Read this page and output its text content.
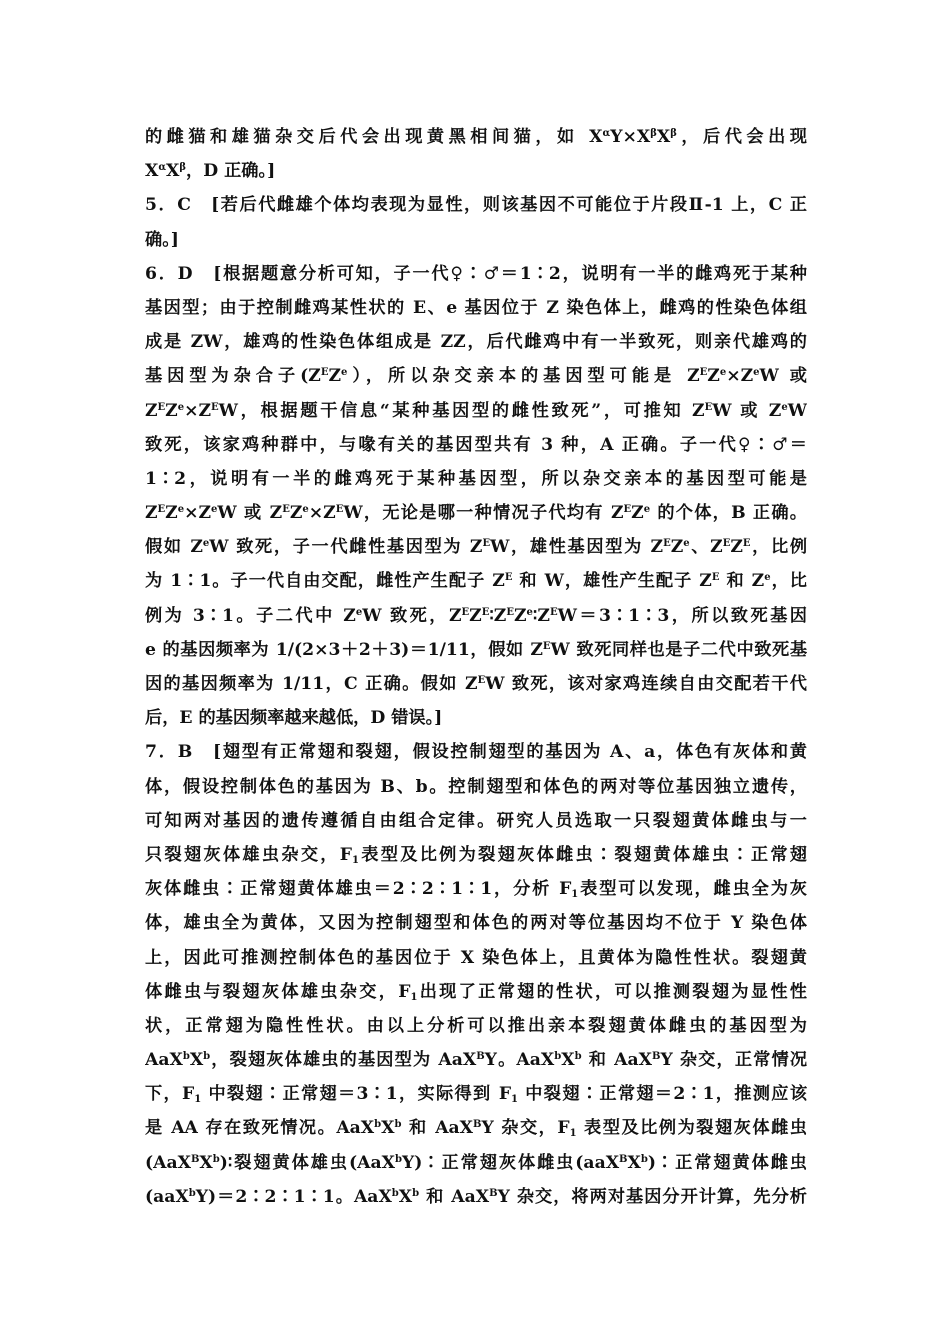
的雌猫和雄猫杂交后代会出现黄黑相间猫，如 $X^\alpha Y\times X^\beta X^\beta$，后代会出现
$X^\alpha X^\beta$，D 正确。]
5．C　[若后代雌雄个体均表现为显性，则该基因不可能位于片段Ⅱ-1 上，C 正
确。]
6．D　[根据题意分析可知，子一代♀∶♂＝1∶2，说明有一半的雌鸡死于某种
基因型；由于控制雌鸡某性状的 E、e 基因位于 Z 染色体上，雌鸡的性染色体组
成是 ZW，雄鸡的性染色体组成是 ZZ，后代雌鸡中有一半致死，则亲代雄鸡的
基因型为杂合子$(Z^EZ^e)$，所以杂交亲本的基因型可能是 $Z^EZ^e\times Z^eW$ 或
$Z^EZ^e\times Z^EW$，根据题干信息“某种基因型的雌性致死”，可推知 $Z^EW$ 或 $Z^eW$
致死，该家鸡种群中，与喙有关的基因型共有 3 种，A 正确。子一代♀∶♂＝
1∶2，说明有一半的雌鸡死于某种基因型，所以杂交亲本的基因型可能是
$Z^EZ^e\times Z^eW$ 或 $Z^EZ^e\times Z^EW$，无论是哪一种情况子代均有 $Z^EZ^e$ 的个体，B 正确。
假如 $Z^eW$ 致死，子一代雌性基因型为 $Z^EW$，雄性基因型为 $Z^EZ^e$、$Z^EZ^E$，比例
为 1∶1。子一代自由交配，雌性产生配子 $Z^E$ 和 W，雄性产生配子 $Z^E$ 和 $Z^e$，比
例为 3∶1。子二代中 $Z^eW$ 致死，$Z^EZ^E∶Z^EZ^e∶Z^EW=3∶1∶3$，所以致死基因
e 的基因频率为 1/(2×3＋2＋3)＝1/11，假如 $Z^EW$ 致死同样也是子二代中致死基
因的基因频率为 1/11，C 正确。假如 $Z^EW$ 致死，该对家鸡连续自由交配若干代
后，E 的基因频率越来越低，D 错误。]
7．B　[翅型有正常翅和裂翅，假设控制翅型的基因为 A、a，体色有灰体和黄
体，假设控制体色的基因为 B、b。控制翅型和体色的两对等位基因独立遗传，
可知两对基因的遗传遵循自由组合定律。研究人员选取一只裂翅黄体雌虫与一
只裂翅灰体雄虫杂交，$F_1$表型及比例为裂翅灰体雌虫∶裂翅黄体雄虫∶正常翅
灰体雌虫∶正常翅黄体雄虫＝2∶2∶1∶1，分析 $F_1$表型可以发现，雌虫全为灰
体，雄虫全为黄体，又因为控制翅型和体色的两对等位基因均不位于 Y 染色体
上，因此可推测控制体色的基因位于 X 染色体上，且黄体为隐性性状。裂翅黄
体雌虫与裂翅灰体雄虫杂交，$F_1$出现了正常翅的性状，可以推测裂翅为显性性
状，正常翅为隐性性状。由以上分析可以推出亲本裂翅黄体雌虫的基因型为
$AaX^bX^b$，裂翅灰体雄虫的基因型为 AaX$^B$Y。$AaX^bX^b$ 和 AaX$^B$Y 杂交，正常情况
下，$F_1$ 中裂翅∶正常翅＝3∶1，实际得到 $F_1$ 中裂翅∶正常翅＝2∶1，推测应该
是 AA 存在致死情况。$AaX^bX^b$ 和 AaX$^B$Y 杂交，$F_1$ 表型及比例为裂翅灰体雌虫
$(AaX^BX^b)∶$裂翅黄体雄虫(AaX$^b$Y)∶正常翅灰体雌虫$(aaX^BX^b)∶$正常翅黄体雌虫
(aaX$^b$Y)＝2∶2∶1∶1。$AaX^bX^b$ 和 AaX$^B$Y 杂交，将两对基因分开计算，先分析
